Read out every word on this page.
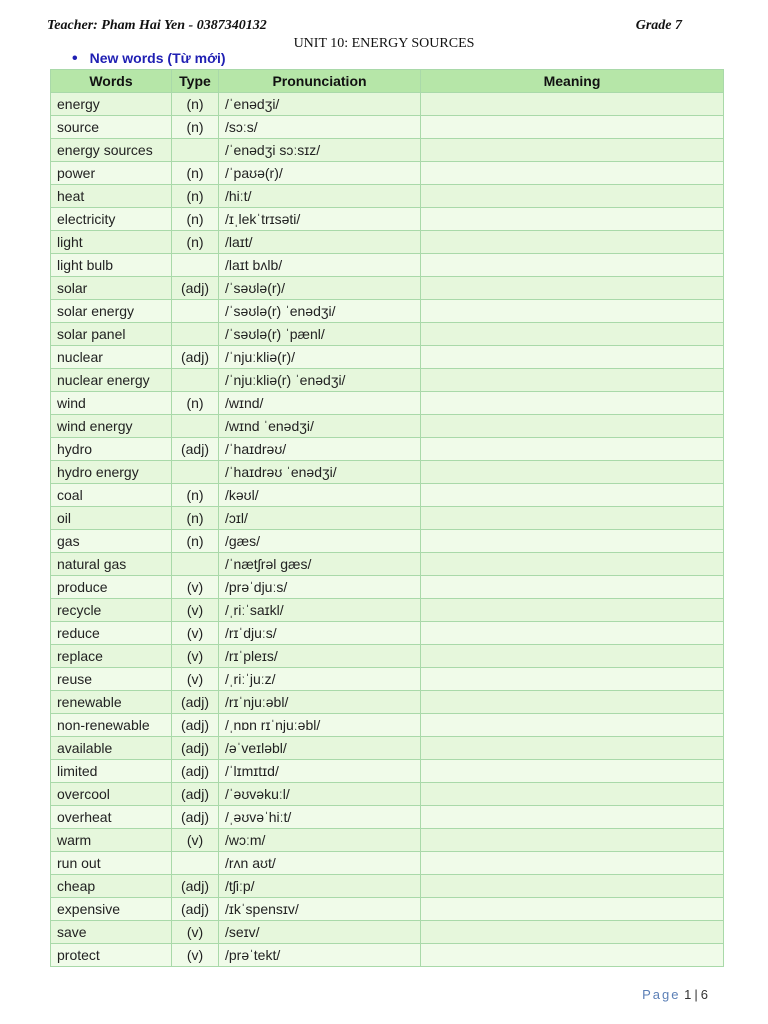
Teacher: Pham Hai Yen - 0387340132	Grade 7
UNIT 10: ENERGY SOURCES
• New words (Từ mới)
Words	Type	Pronunciation	Meaning
energy	(n)	/ˈenədʒi/	
source	(n)	/sɔːs/	
energy sources		/ˈenədʒi sɔːsɪz/	
power	(n)	/ˈpaʊə(r)/	
heat	(n)	/hiːt/	
electricity	(n)	/ɪˌlekˈtrɪsəti/	
light	(n)	/laɪt/	
light bulb		/laɪt bʌlb/	
solar	(adj)	/ˈsəʊlə(r)/	
solar energy		/ˈsəʊlə(r) ˈenədʒi/	
solar panel		/ˈsəʊlə(r) ˈpænl/	
nuclear	(adj)	/ˈnjuːkliə(r)/	
nuclear energy		/ˈnjuːkliə(r) ˈenədʒi/	
wind	(n)	/wɪnd/	
wind energy		/wɪnd ˈenədʒi/	
hydro	(adj)	/ˈhaɪdrəʊ/	
hydro energy		/ˈhaɪdrəʊ ˈenədʒi/	
coal	(n)	/kəʊl/	
oil	(n)	/ɔɪl/	
gas	(n)	/ɡæs/	
natural gas		/ˈnætʃrəl ɡæs/	
produce	(v)	/prəˈdjuːs/	
recycle	(v)	/ˌriːˈsaɪkl/	
reduce	(v)	/rɪˈdjuːs/	
replace	(v)	/rɪˈpleɪs/	
reuse	(v)	/ˌriːˈjuːz/	
renewable	(adj)	/rɪˈnjuːəbl/	
non-renewable	(adj)	/ˌnɒn rɪˈnjuːəbl/	
available	(adj)	/əˈveɪləbl/	
limited	(adj)	/ˈlɪmɪtɪd/	
overcool	(adj)	/ˈəʊvəkuːl/	
overheat	(adj)	/ˌəʊvəˈhiːt/	
warm	(v)	/wɔːm/	
run out		/rʌn aʊt/	
cheap	(adj)	/tʃiːp/	
expensive	(adj)	/ɪkˈspensɪv/	
save	(v)	/seɪv/	
protect	(v)	/prəˈtekt/	
Page 1 | 6
